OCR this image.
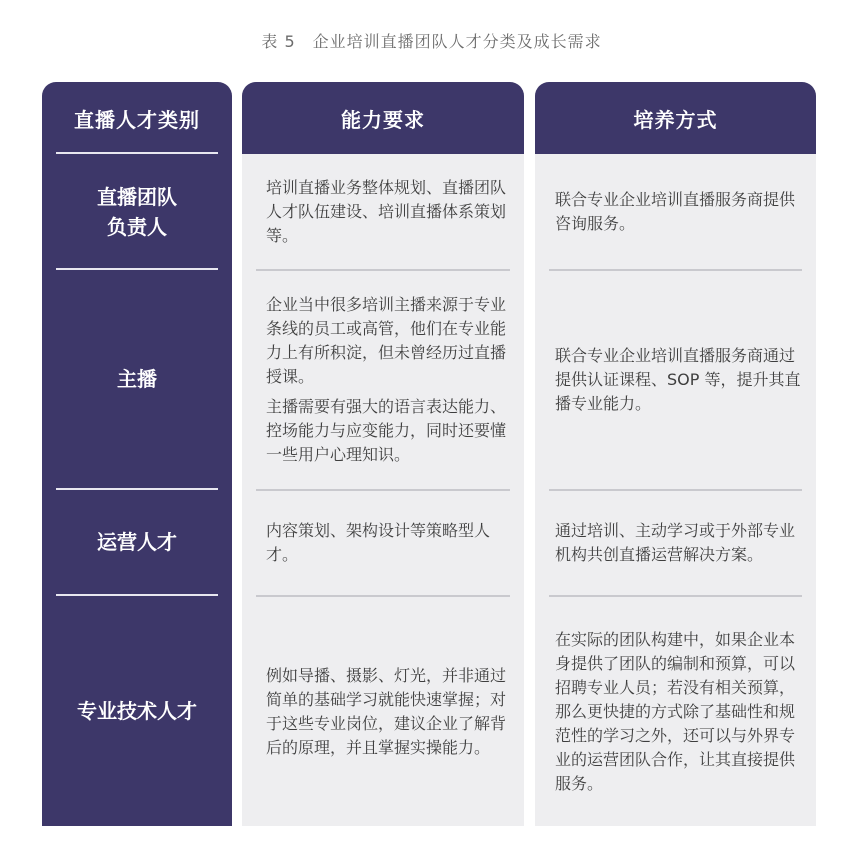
表 5　企业培训直播团队人才分类及成长需求
直播人才类别
直播团队
负责人
主播
运营人才
专业技术人才
能力要求

培训直播业务整体规划、直播团队人才队伍建设、培训直播体系策划等。

企业当中很多培训主播来源于专业条线的员工或高管，他们在专业能力上有所积淀，但未曾经历过直播授课。

主播需要有强大的语言表达能力、控场能力与应变能力，同时还要懂一些用户心理知识。

内容策划、架构设计等策略型人才。

例如导播、摄影、灯光，并非通过简单的基础学习就能快速掌握；对于这些专业岗位，建议企业了解背后的原理，并且掌握实操能力。

培养方式

联合专业企业培训直播服务商提供咨询服务。

联合专业企业培训直播服务商通过提供认证课程、SOP 等，提升其直播专业能力。

通过培训、主动学习或于外部专业机构共创直播运营解决方案。

在实际的团队构建中，如果企业本身提供了团队的编制和预算，可以招聘专业人员；若没有相关预算，那么更快捷的方式除了基础性和规范性的学习之外，还可以与外界专业的运营团队合作，让其直接提供服务。
